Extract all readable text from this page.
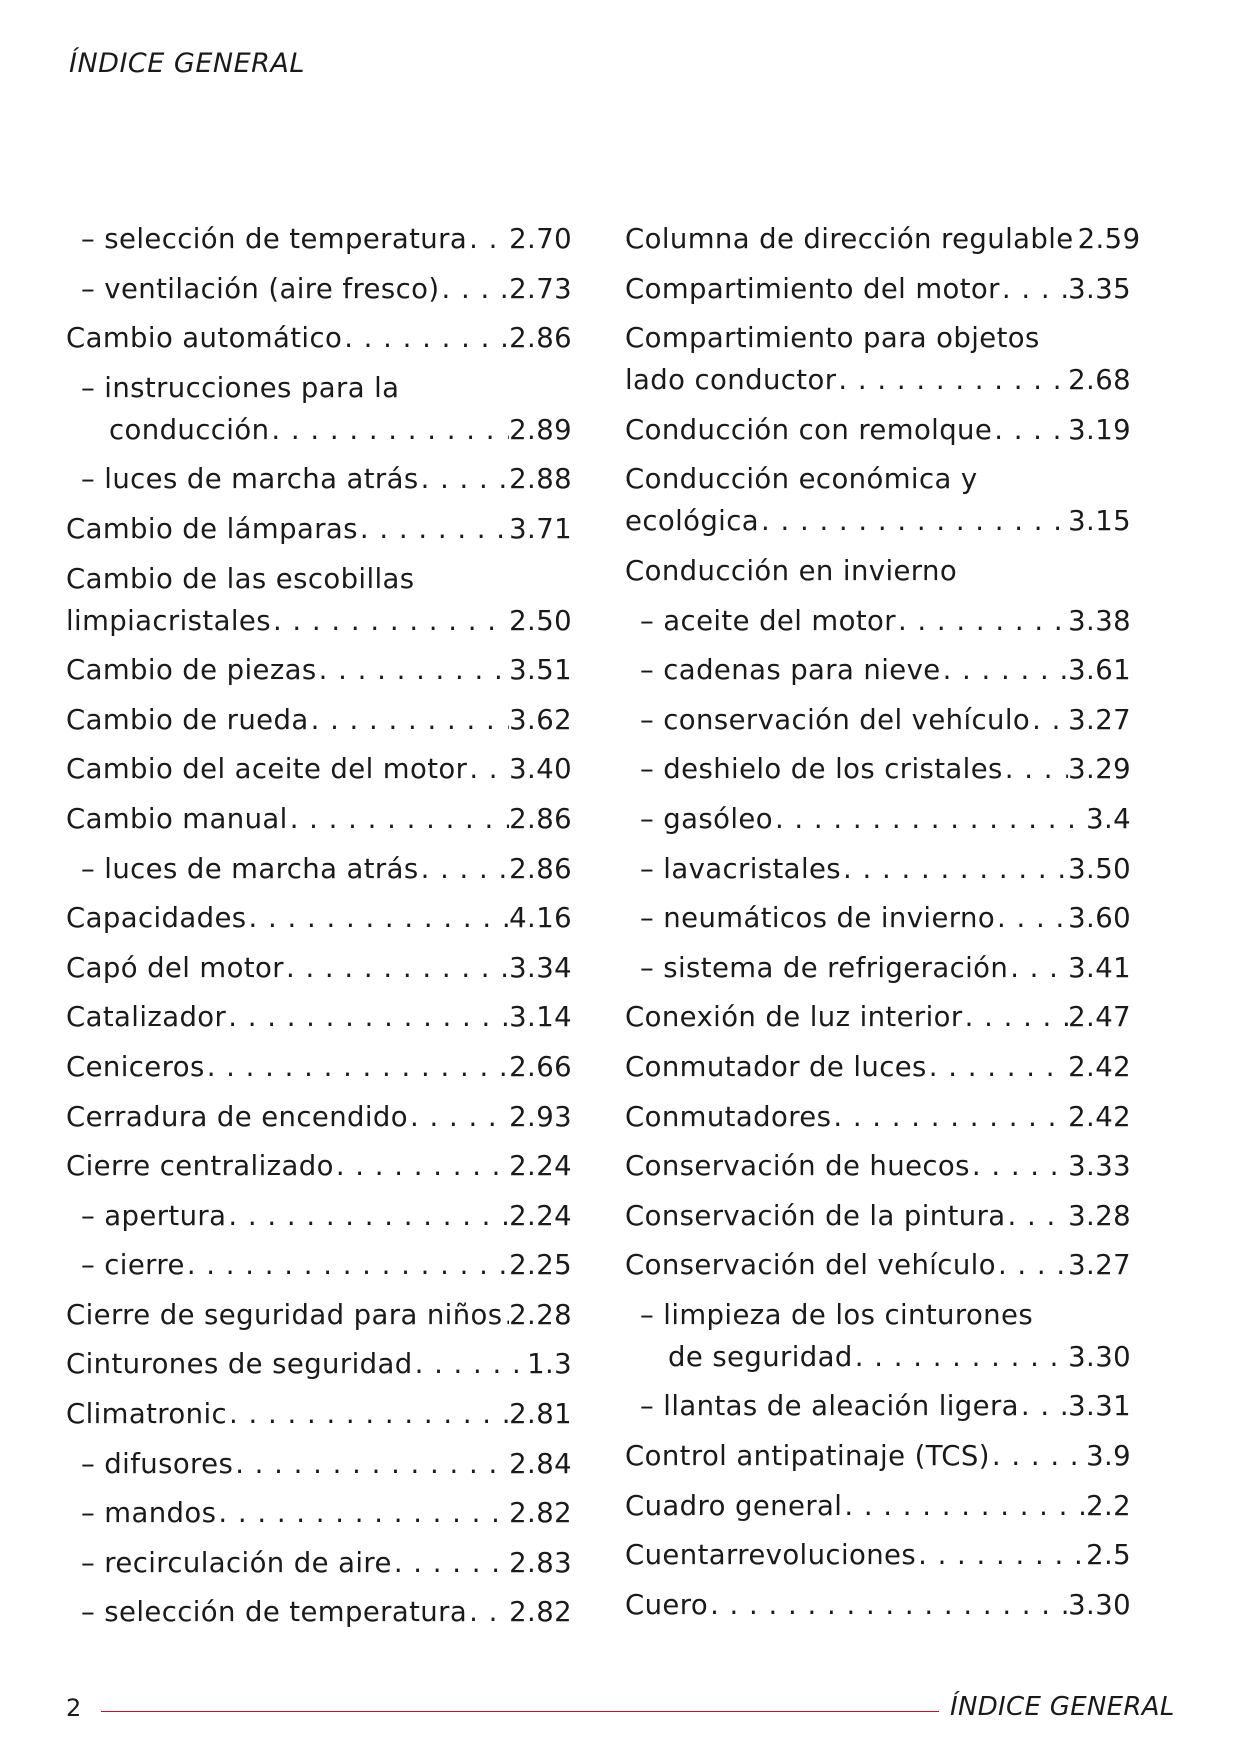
ÍNDICE GENERAL
– selección de temperatura . . . 2.70
– ventilación (aire fresco) . . .	2.73
Cambio automático . . .	2.86
– instrucciones para la
conducción . . .	2.89
– luces de marcha atrás . . .	2.88
Cambio de lámparas . . .	3.71
Cambio de las escobillas
limpiacristales . . .	2.50
Cambio de piezas . . .	3.51
Cambio de rueda . . .	3.62
Cambio del aceite del motor . . . 3.40
Cambio manual . . .	2.86
– luces de marcha atrás . . .	2.86
Capacidades . . .	4.16
Capó del motor . . .	3.34
Catalizador . . .	3.14
Ceniceros . . .	2.66
Cerradura de encendido . . .	2.93
Cierre centralizado . . .	2.24
– apertura . . .	2.24
– cierre . . .	2.25
Cierre de seguridad para niños . . . 2.28
Cinturones de seguridad . . .	1.3
Climatronic . . .	2.81
– difusores . . .	2.84
– mandos . . .	2.82
– recirculación de aire . . .	2.83
– selección de temperatura . . . 2.82
Columna de dirección regulable . . . 2.59
Compartimiento del motor . . . 3.35
Compartimiento para objetos
lado conductor . . .	2.68
Conducción con remolque . . .	3.19
Conducción económica y
ecológica . . .	3.15
Conducción en invierno
– aceite del motor . . .	3.38
– cadenas para nieve . . .	3.61
– conservación del vehículo . . . 3.27
– deshielo de los cristales . . . 3.29
– gasóleo . . .	3.4
– lavacristales . . .	3.50
– neumáticos de invierno . . .	3.60
– sistema de refrigeración . . . 3.41
Conexión de luz interior . . .	2.47
Conmutador de luces . . .	2.42
Conmutadores . . .	2.42
Conservación de huecos . . .	3.33
Conservación de la pintura . . . 3.28
Conservación del vehículo . . .	3.27
– limpieza de los cinturones
de seguridad . . .	3.30
– llantas de aleación ligera . . . 3.31
Control antipatinaje (TCS) . . .	3.9
Cuadro general . . .	2.2
Cuentarrevoluciones . . .	2.5
Cuero . . .	3.30
2	ÍNDICE GENERAL
